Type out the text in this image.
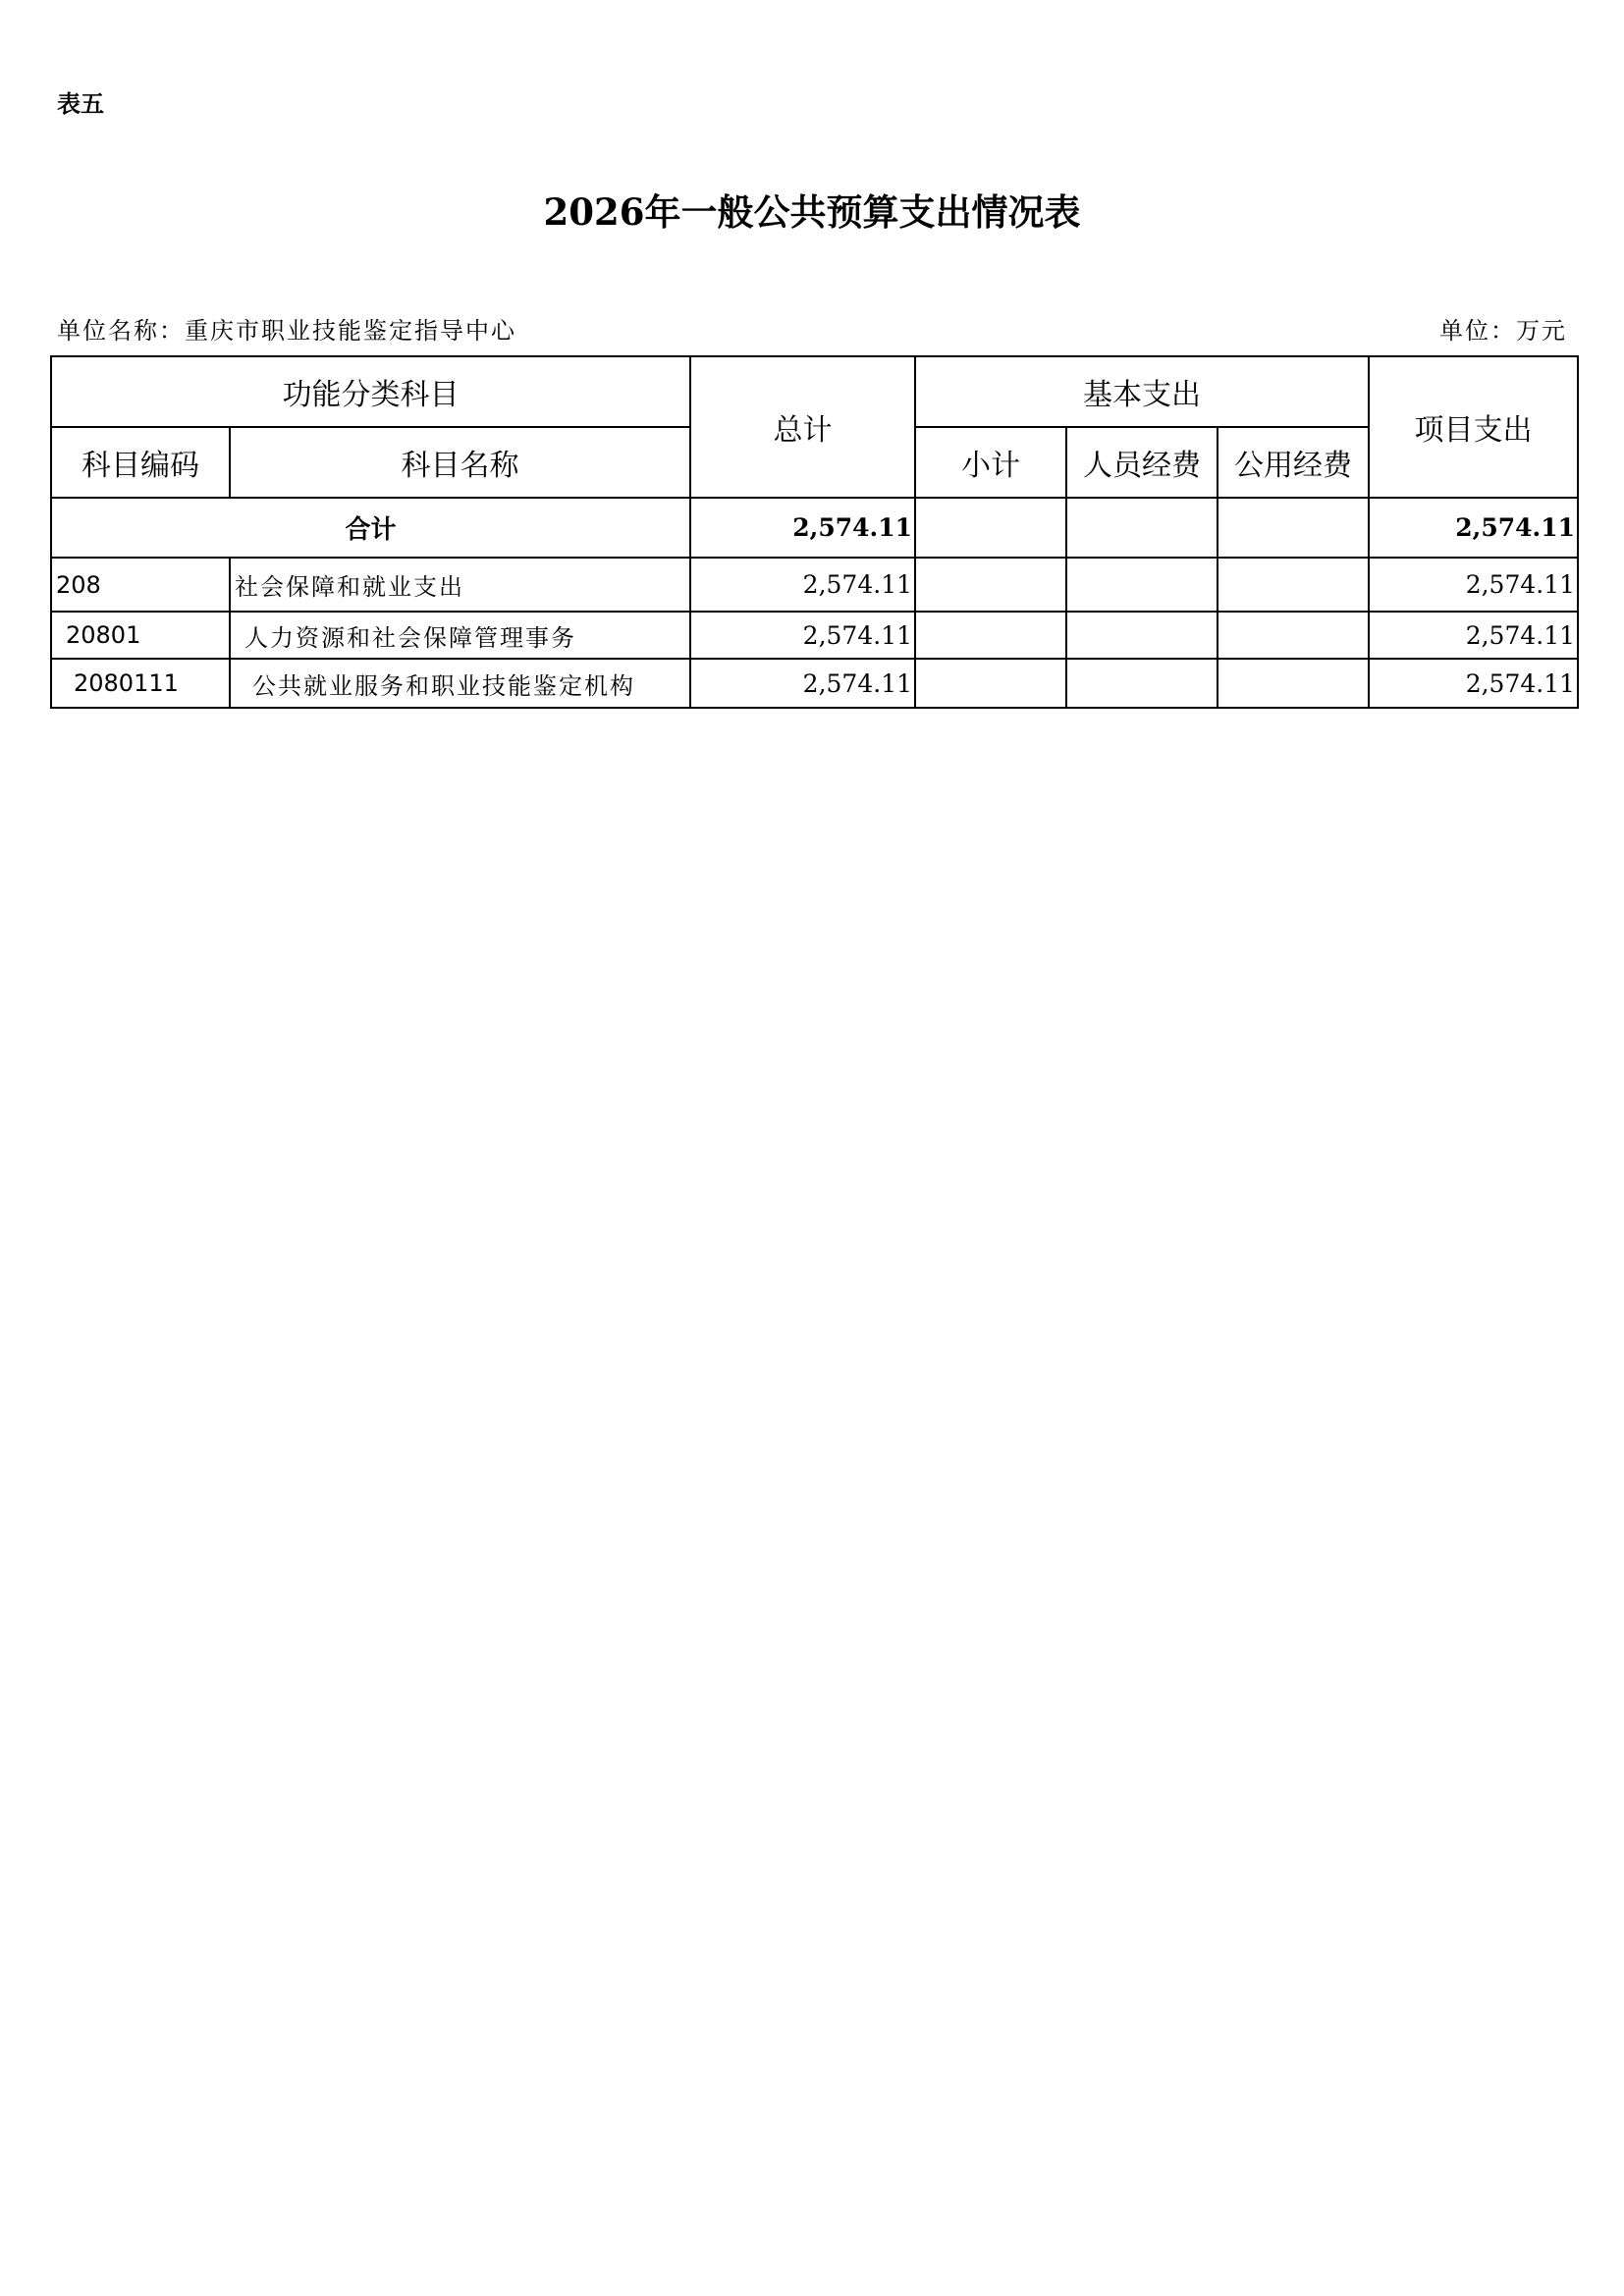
表五
2026年一般公共预算支出情况表
单位名称：重庆市职业技能鉴定指导中心	单位：万元
功能分类科目		总计	基本支出			项目支出
科目编码	科目名称		小计	人员经费	公用经费	
合计		2,574.11				2,574.11
208	社会保障和就业支出	2,574.11				2,574.11
20801	人力资源和社会保障管理事务	2,574.11				2,574.11
2080111	公共就业服务和职业技能鉴定机构	2,574.11				2,574.11
